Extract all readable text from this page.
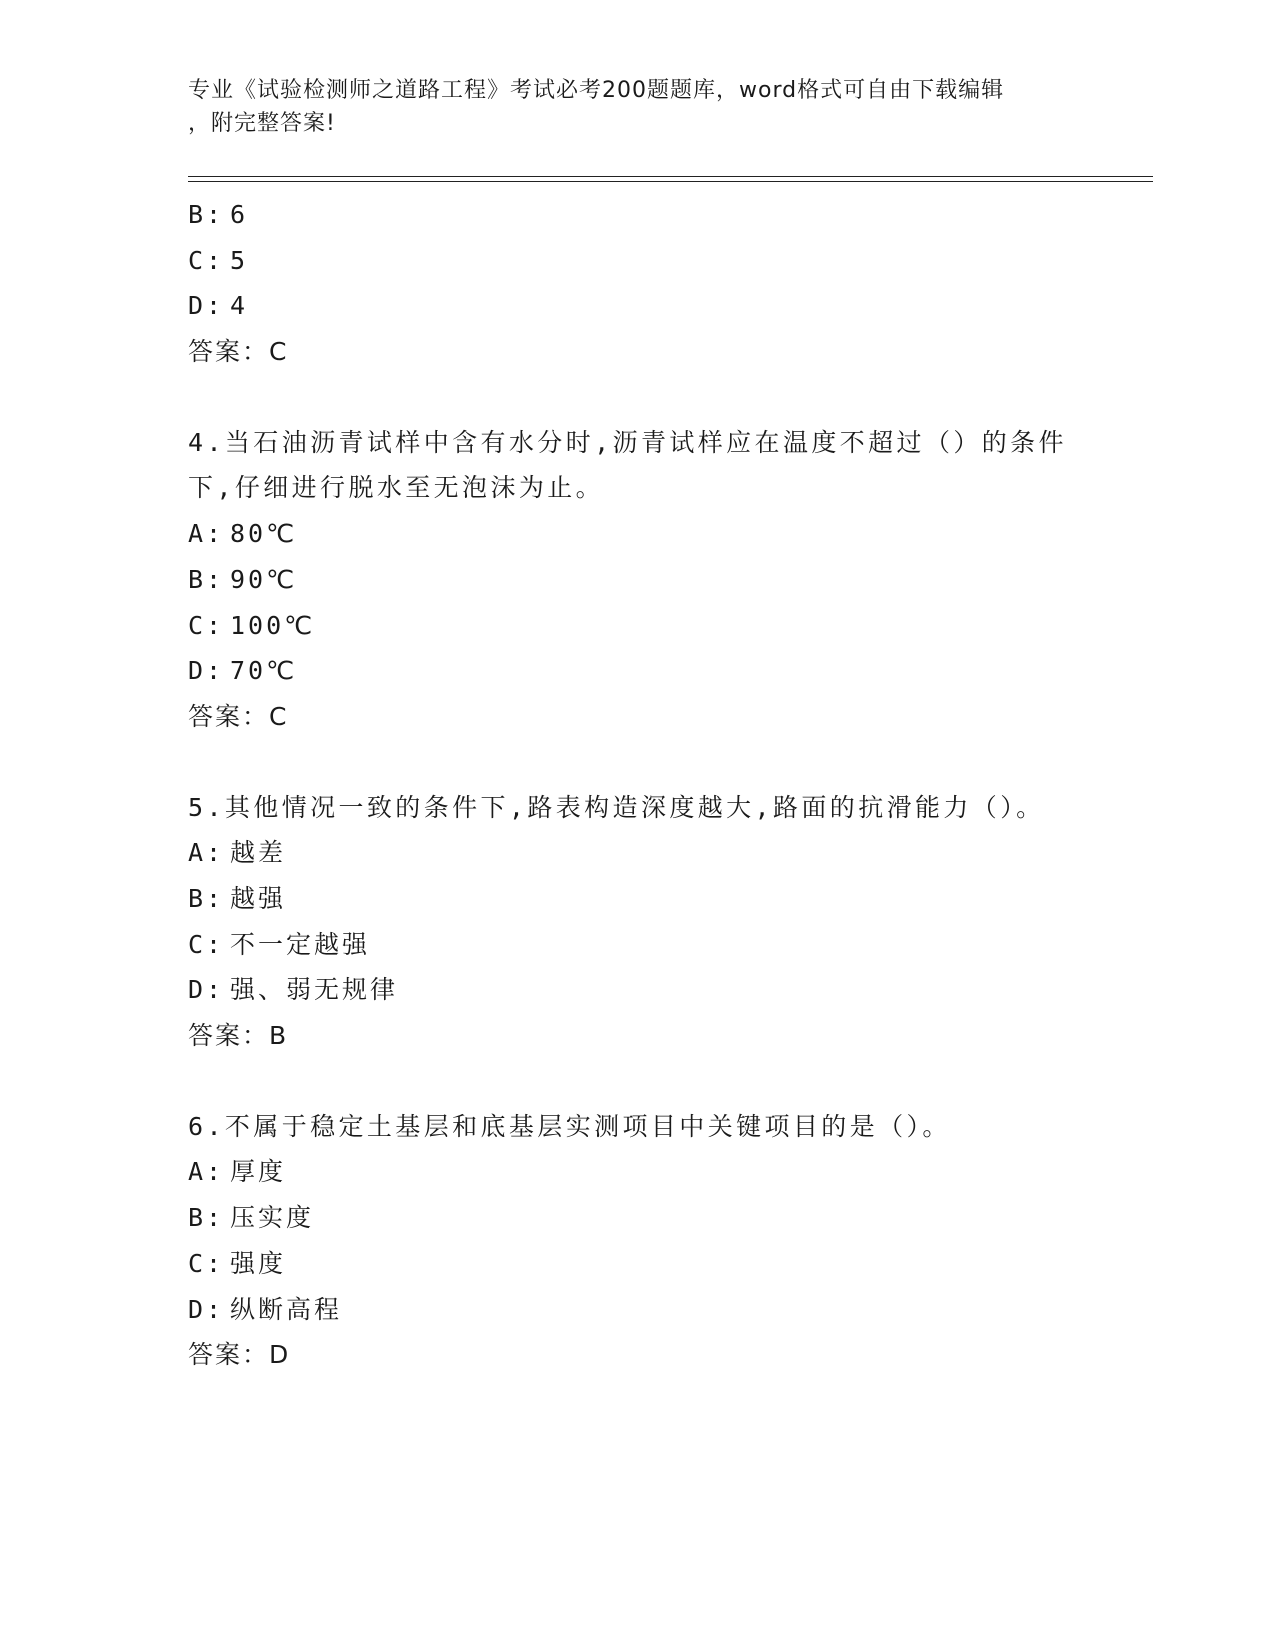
专业《试验检测师之道路工程》考试必考200题题库，word格式可自由下载编辑
，附完整答案!
B: 6
C: 5
D: 4
答案：C
4.当石油沥青试样中含有水分时,沥青试样应在温度不超过（）的条件
下,仔细进行脱水至无泡沫为止。
A: 80℃
B: 90℃
C: 100℃
D: 70℃
答案：C
5.其他情况一致的条件下,路表构造深度越大,路面的抗滑能力（）。
A: 越差
B: 越强
C: 不一定越强
D: 强、弱无规律
答案：B
6.不属于稳定土基层和底基层实测项目中关键项目的是（）。
A: 厚度
B: 压实度
C: 强度
D: 纵断高程
答案：D
